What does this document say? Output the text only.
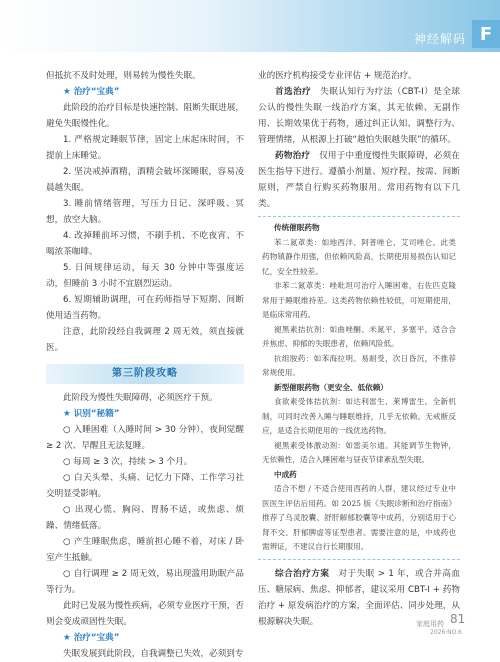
神经解码 F

但抵抗不及时处理，则易转为慢性失眠。

★ 治疗“宝典”

此阶段的治疗目标是快速控制、阻断失眠进展，避免失眠慢性化。

1. 严格规定睡眠节律，固定上床起床时间，不提前上床睡觉。

2. 坚决戒掉酒精，酒精会破坏深睡眠，容易凌晨越失眠。

3. 睡前情绪管理，写压力日记、深呼吸、冥想，放空大脑。

4. 改掉睡前坏习惯，不刷手机、不吃夜宵、不喝浓茶咖啡。

5. 日间规律运动，每天 30 分钟中等强度运动，但睡前 3 小时不宜剧烈运动。

6. 短期辅助调理，可在药师指导下短期、间断使用适当药物。

注意，此阶段经自我调理 2 周无效，须直接就医。

第三阶段攻略

此阶段为慢性失眠障碍，必须医疗干预。

★ 识别“秘籍”

○ 入睡困难（入睡时间 > 30 分钟），夜间觉醒 ≥ 2 次、早醒且无法复睡。

○ 每周 ≥ 3 次，持续 > 3 个月。

○ 白天头晕、头痛、记忆力下降、工作学习社交明显受影响。

○ 出现心慌、胸闷、胃肠不适，或焦虑、烦躁、情绪低落。

○ 产生睡眠焦虑，睡前担心睡不着，对床 / 卧室产生抵触。

○ 自行调理 ≥ 2 周无效，易出现滥用助眠产品等行为。

此时已发展为慢性疾病，必须专业医疗干预，否则会变成顽固性失眠。

★ 治疗“宝典”

失眠发展到此阶段，自我调整已失效，必须到专

业的医疗机构接受专业评估 + 规范治疗。

首选治疗  失眠认知行为疗法（CBT-I）是全球公认的慢性失眠一线治疗方案，其无依赖、无副作用、长期效果优于药物，通过纠正认知、调整行为、管理情绪，从根源上打破“越怕失眠越失眠”的循环。

药物治疗  仅用于中重度慢性失眠障碍，必须在医生指导下进行。遵循小剂量、短疗程、按需、间断原则，严禁自行购买药物服用。常用药物有以下几类。

传统催眠药物

苯二氮䓬类：如地西泮、阿普唑仑、艾司唑仑。此类药物镇静作用强，但依赖风险高，长期使用易损伤认知记忆，安全性较差。

非苯二氮䓬类：唑吡坦可治疗入睡困难，右佐匹克隆常用于睡眠维持差。这类药物依赖性较低，可短期使用，是临床常用药。

褪黑素拮抗剂：如曲唑酮、米氮平、多塞平。适合合并焦虑、抑郁的失眠患者，依赖风险低。

抗组胺药：如苯海拉明。易耐受，次日昏沉，不推荐常规使用。

新型催眠药物（更安全、低依赖）

食欲素受体拮抗剂：如达利雷生、莱博雷生。全新机制，可同时改善入睡与睡眠维持，几乎无依赖、无戒断反应，是适合长期使用的一线优选药物。

褪黑素受体激动剂：如雷美尔通。其能调节生物钟，无依赖性，适合入睡困难与昼夜节律紊乱型失眠。

中成药

适合不想 / 不适合使用西药的人群，建议经过专业中医医生评估后用药。如 2025 版《失眠诊断和治疗指南》推荐了乌灵胶囊、舒肝解郁胶囊等中成药，分别适用于心肾不交、肝郁脾虚等证型患者。需要注意的是，中成药也需辨证，不建议自行长期服用。

综合治疗方案  对于失眠 > 1 年，或合并高血压、糖尿病、焦虑、抑郁者，建议采用 CBT-I + 药物治疗 + 原发病治疗的方案，全面评估、同步处理，从根源解决失眠。	81
家庭用药
2026·NO.6
